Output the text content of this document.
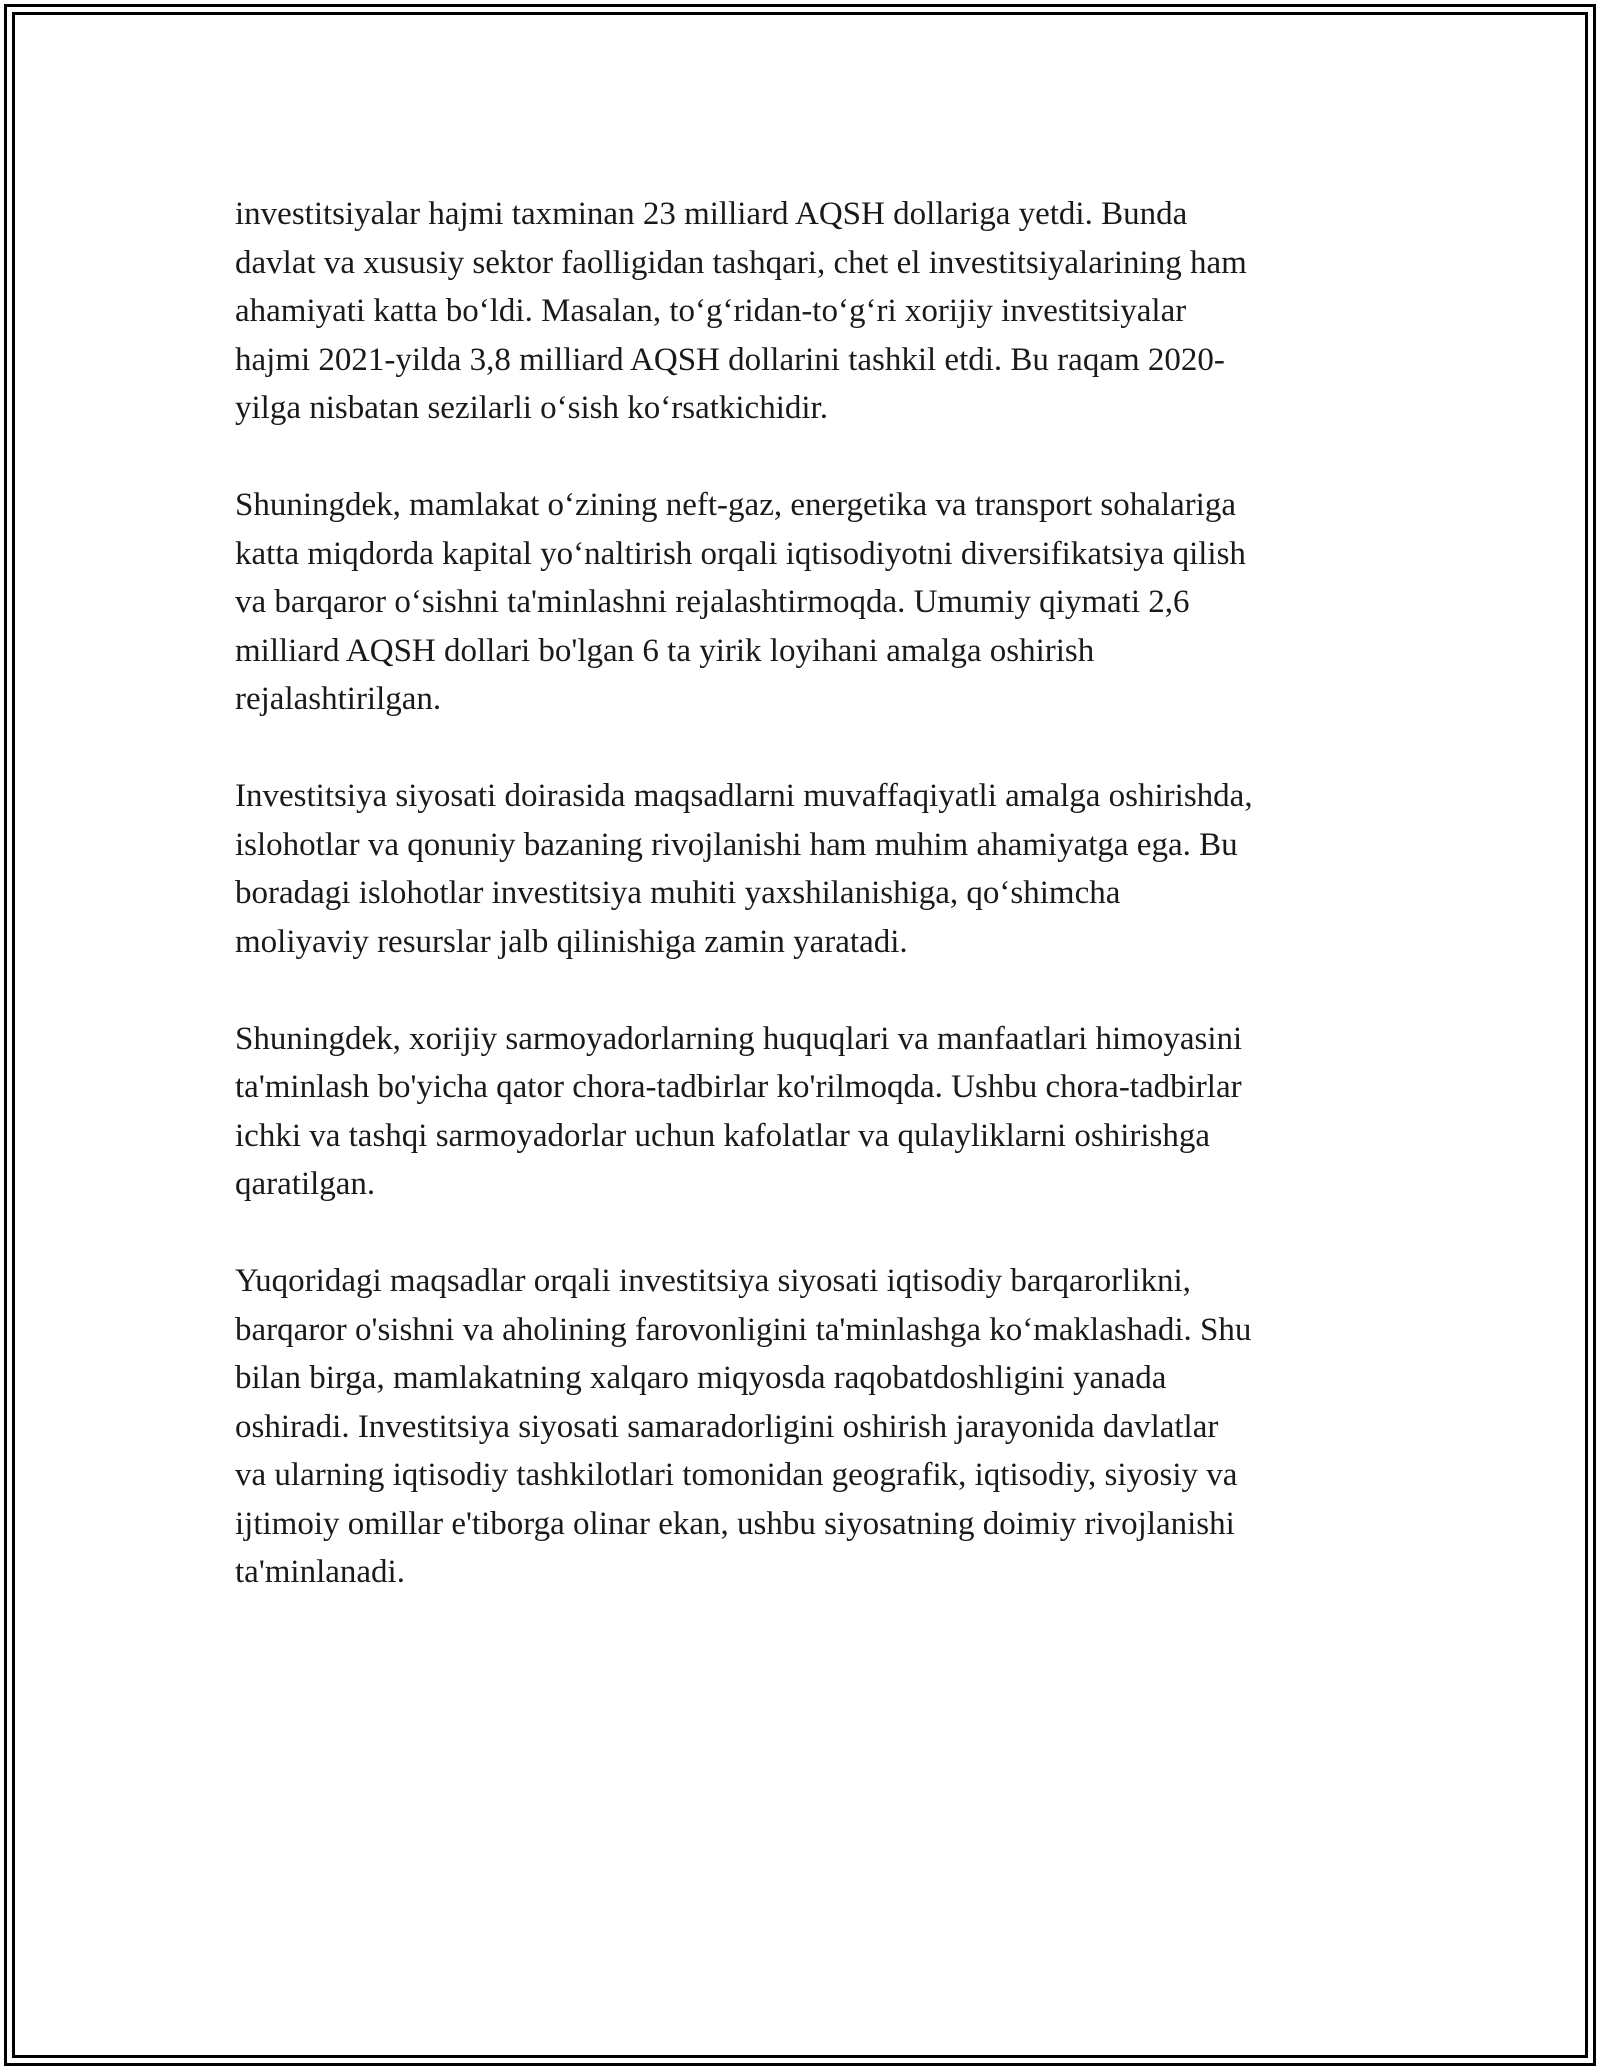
investitsiyalar hajmi taxminan 23 milliard AQSH dollariga yetdi. Bunda
davlat va xususiy sektor faolligidan tashqari, chet el investitsiyalarining ham
ahamiyati katta bo‘ldi. Masalan, to‘g‘ridan-to‘g‘ri xorijiy investitsiyalar
hajmi 2021-yilda 3,8 milliard AQSH dollarini tashkil etdi. Bu raqam 2020-
yilga nisbatan sezilarli o‘sish ko‘rsatkichidir.

Shuningdek, mamlakat o‘zining neft-gaz, energetika va transport sohalariga
katta miqdorda kapital yo‘naltirish orqali iqtisodiyotni diversifikatsiya qilish
va barqaror o‘sishni ta'minlashni rejalashtirmoqda. Umumiy qiymati 2,6
milliard AQSH dollari bo'lgan 6 ta yirik loyihani amalga oshirish
rejalashtirilgan.

Investitsiya siyosati doirasida maqsadlarni muvaffaqiyatli amalga oshirishda,
islohotlar va qonuniy bazaning rivojlanishi ham muhim ahamiyatga ega. Bu
boradagi islohotlar investitsiya muhiti yaxshilanishiga, qo‘shimcha
moliyaviy resurslar jalb qilinishiga zamin yaratadi.

Shuningdek, xorijiy sarmoyadorlarning huquqlari va manfaatlari himoyasini
ta'minlash bo'yicha qator chora-tadbirlar ko'rilmoqda. Ushbu chora-tadbirlar
ichki va tashqi sarmoyadorlar uchun kafolatlar va qulayliklarni oshirishga
qaratilgan.

Yuqoridagi maqsadlar orqali investitsiya siyosati iqtisodiy barqarorlikni,
barqaror o'sishni va aholining farovonligini ta'minlashga ko‘maklashadi. Shu
bilan birga, mamlakatning xalqaro miqyosda raqobatdoshligini yanada
oshiradi. Investitsiya siyosati samaradorligini oshirish jarayonida davlatlar
va ularning iqtisodiy tashkilotlari tomonidan geografik, iqtisodiy, siyosiy va
ijtimoiy omillar e'tiborga olinar ekan, ushbu siyosatning doimiy rivojlanishi
ta'minlanadi.
